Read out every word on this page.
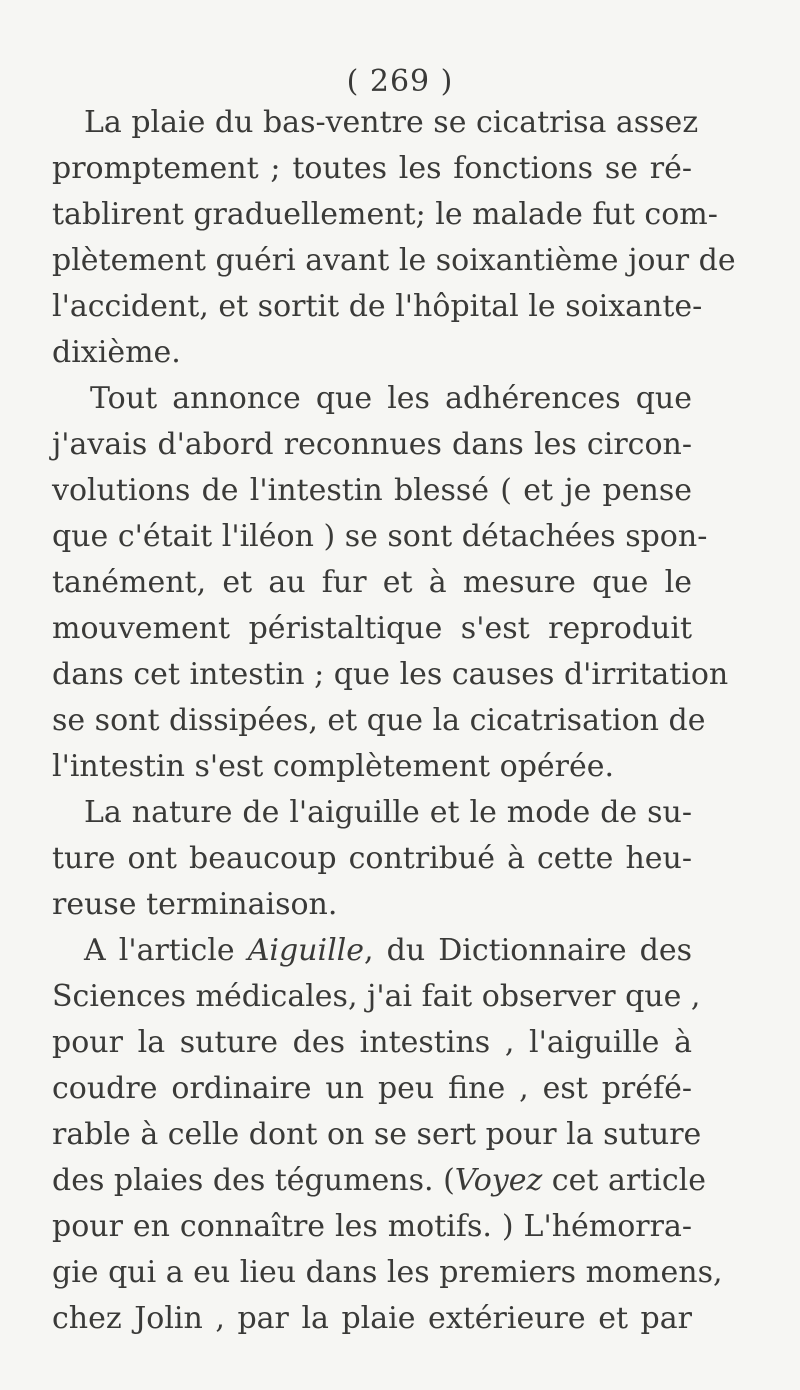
( 269 )
La plaie du bas-ventre se cicatrisa assez
promptement ; toutes les fonctions se ré-
tablirent graduellement; le malade fut com-
plètement guéri avant le soixantième jour de
l'accident, et sortit de l'hôpital le soixante-
dixième.
Tout annonce que les adhérences que
j'avais d'abord reconnues dans les circon-
volutions de l'intestin blessé ( et je pense
que c'était l'iléon ) se sont détachées spon-
tanément, et au fur et à mesure que le
mouvement péristaltique s'est reproduit
dans cet intestin ; que les causes d'irritation
se sont dissipées, et que la cicatrisation de
l'intestin s'est complètement opérée.
La nature de l'aiguille et le mode de su-
ture ont beaucoup contribué à cette heu-
reuse terminaison.
A l'article Aiguille, du Dictionnaire des
Sciences médicales, j'ai fait observer que ,
pour la suture des intestins , l'aiguille à
coudre ordinaire un peu fine , est préfé-
rable à celle dont on se sert pour la suture
des plaies des tégumens. (Voyez cet article
pour en connaître les motifs. ) L'hémorra-
gie qui a eu lieu dans les premiers momens,
chez Jolin , par la plaie extérieure et par
